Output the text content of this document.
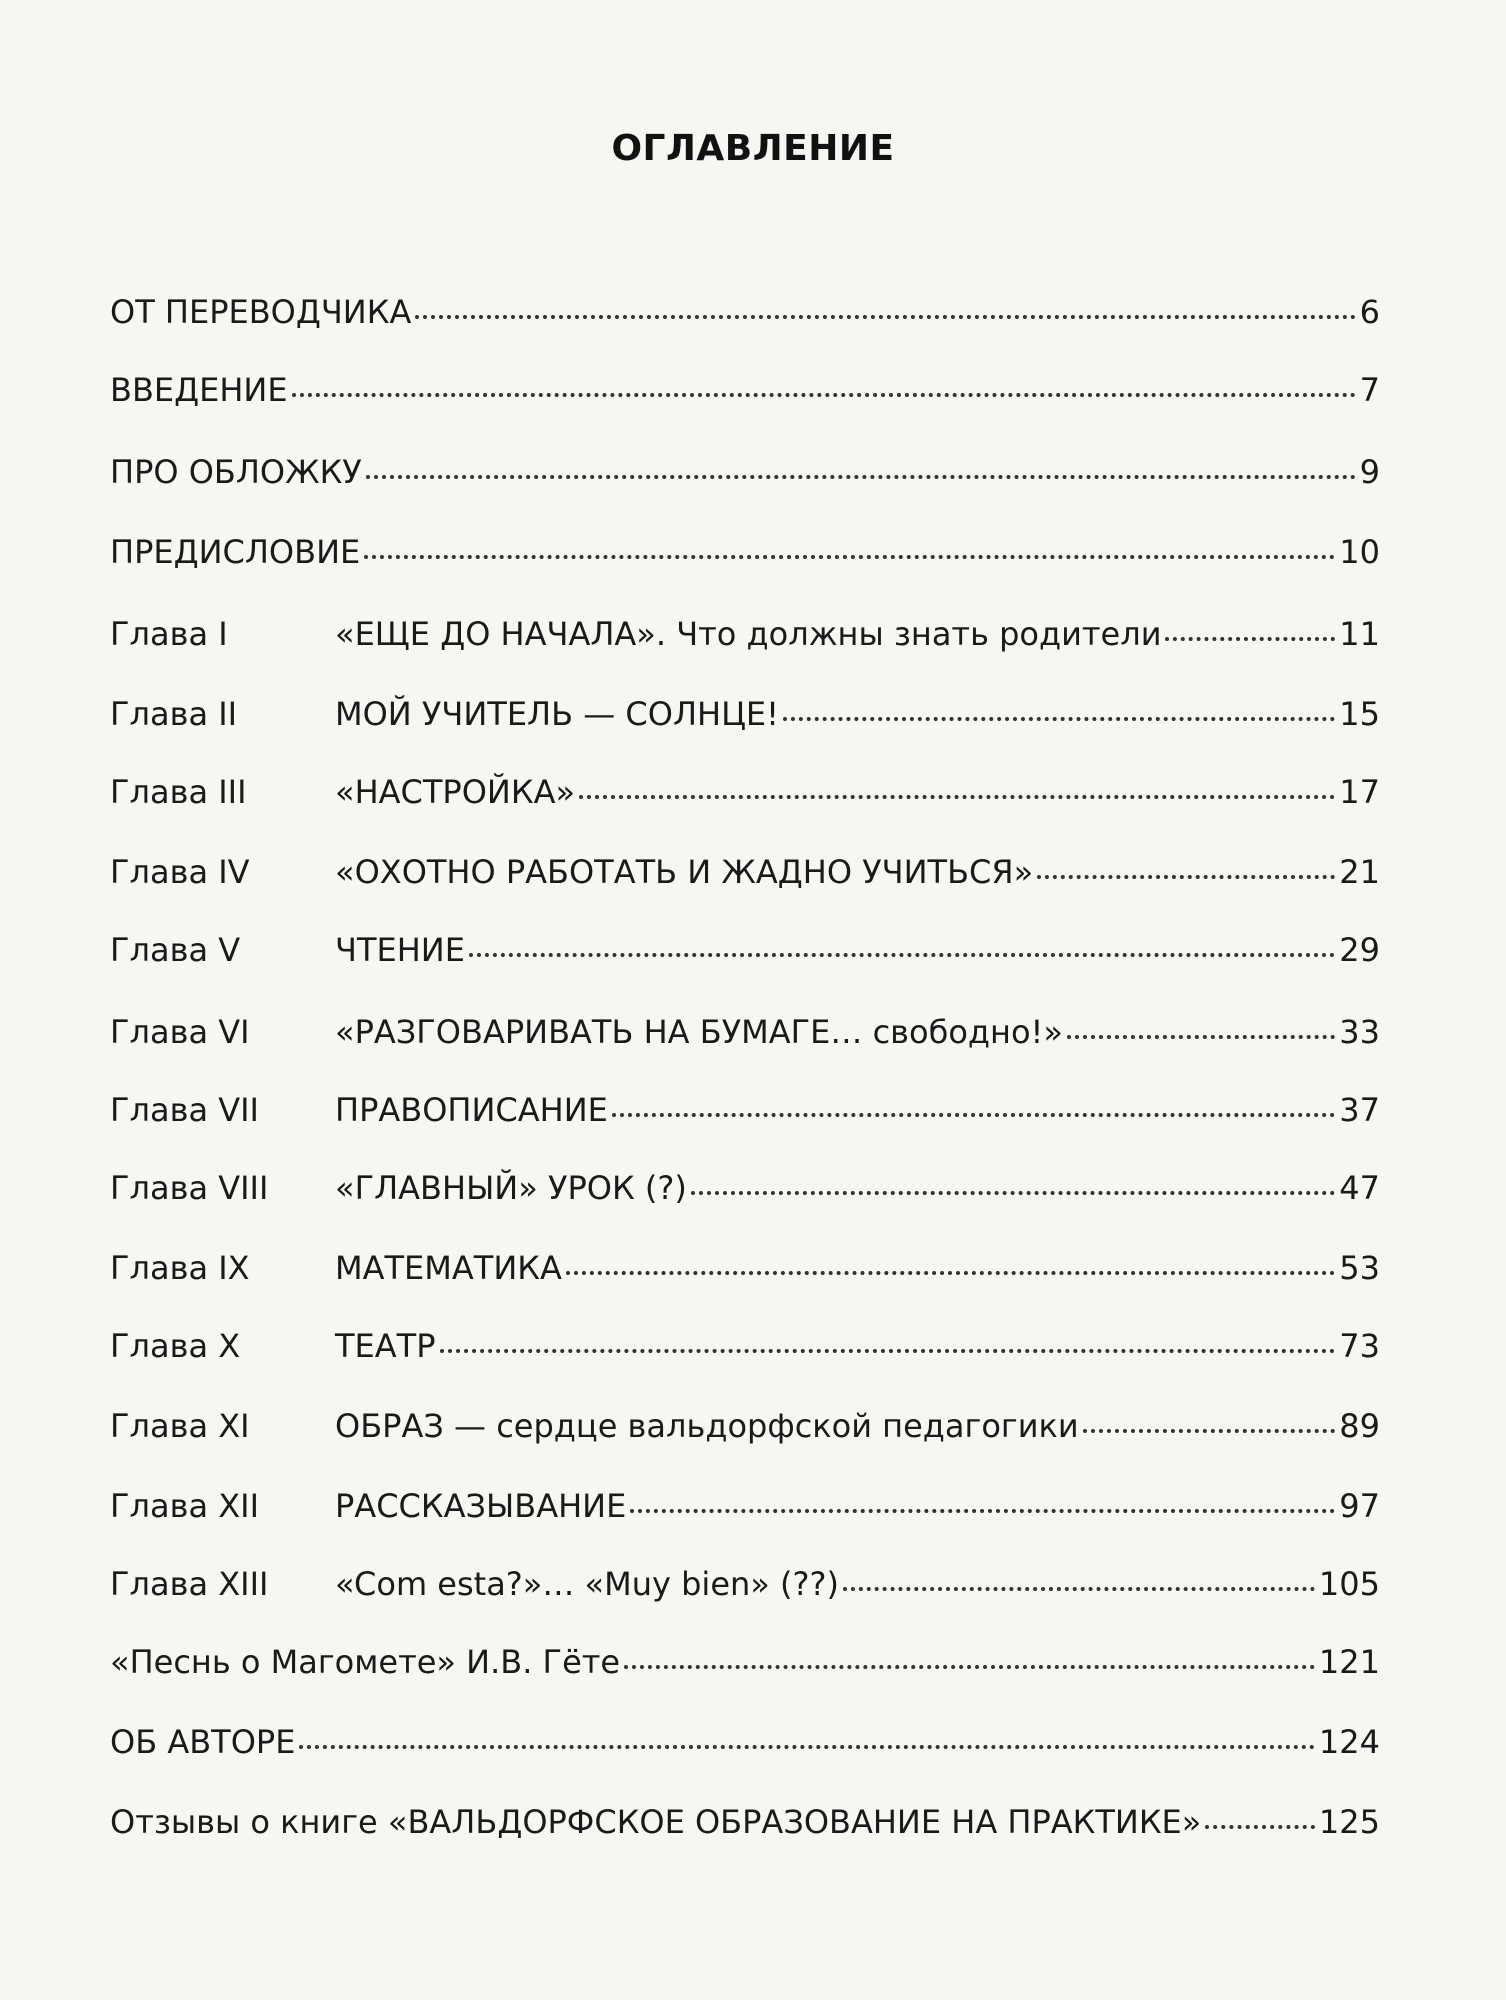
ОГЛАВЛЕНИЕ
ОТ ПЕРЕВОДЧИКА	6
ВВЕДЕНИЕ	7
ПРО ОБЛОЖКУ	9
ПРЕДИСЛОВИЕ	10
Глава I	«ЕЩЕ ДО НАЧАЛА». Что должны знать родители	11
Глава II	МОЙ УЧИТЕЛЬ — СОЛНЦЕ!	15
Глава III	«НАСТРОЙКА»	17
Глава IV	«ОХОТНО РАБОТАТЬ И ЖАДНО УЧИТЬСЯ»	21
Глава V	ЧТЕНИЕ	29
Глава VI	«РАЗГОВАРИВАТЬ НА БУМАГЕ… свободно!»	33
Глава VII	ПРАВОПИСАНИЕ	37
Глава VIII	«ГЛАВНЫЙ» УРОК (?)	47
Глава IX	МАТЕМАТИКА	53
Глава X	ТЕАТР	73
Глава XI	ОБРАЗ — сердце вальдорфской педагогики	89
Глава XII	РАССКАЗЫВАНИЕ	97
Глава XIII	«Com esta?»… «Muy bien» (??)	105
«Песнь о Магомете» И.В. Гёте	121
ОБ АВТОРЕ	124
Отзывы о книге «ВАЛЬДОРФСКОЕ ОБРАЗОВАНИЕ НА ПРАКТИКЕ»	125
